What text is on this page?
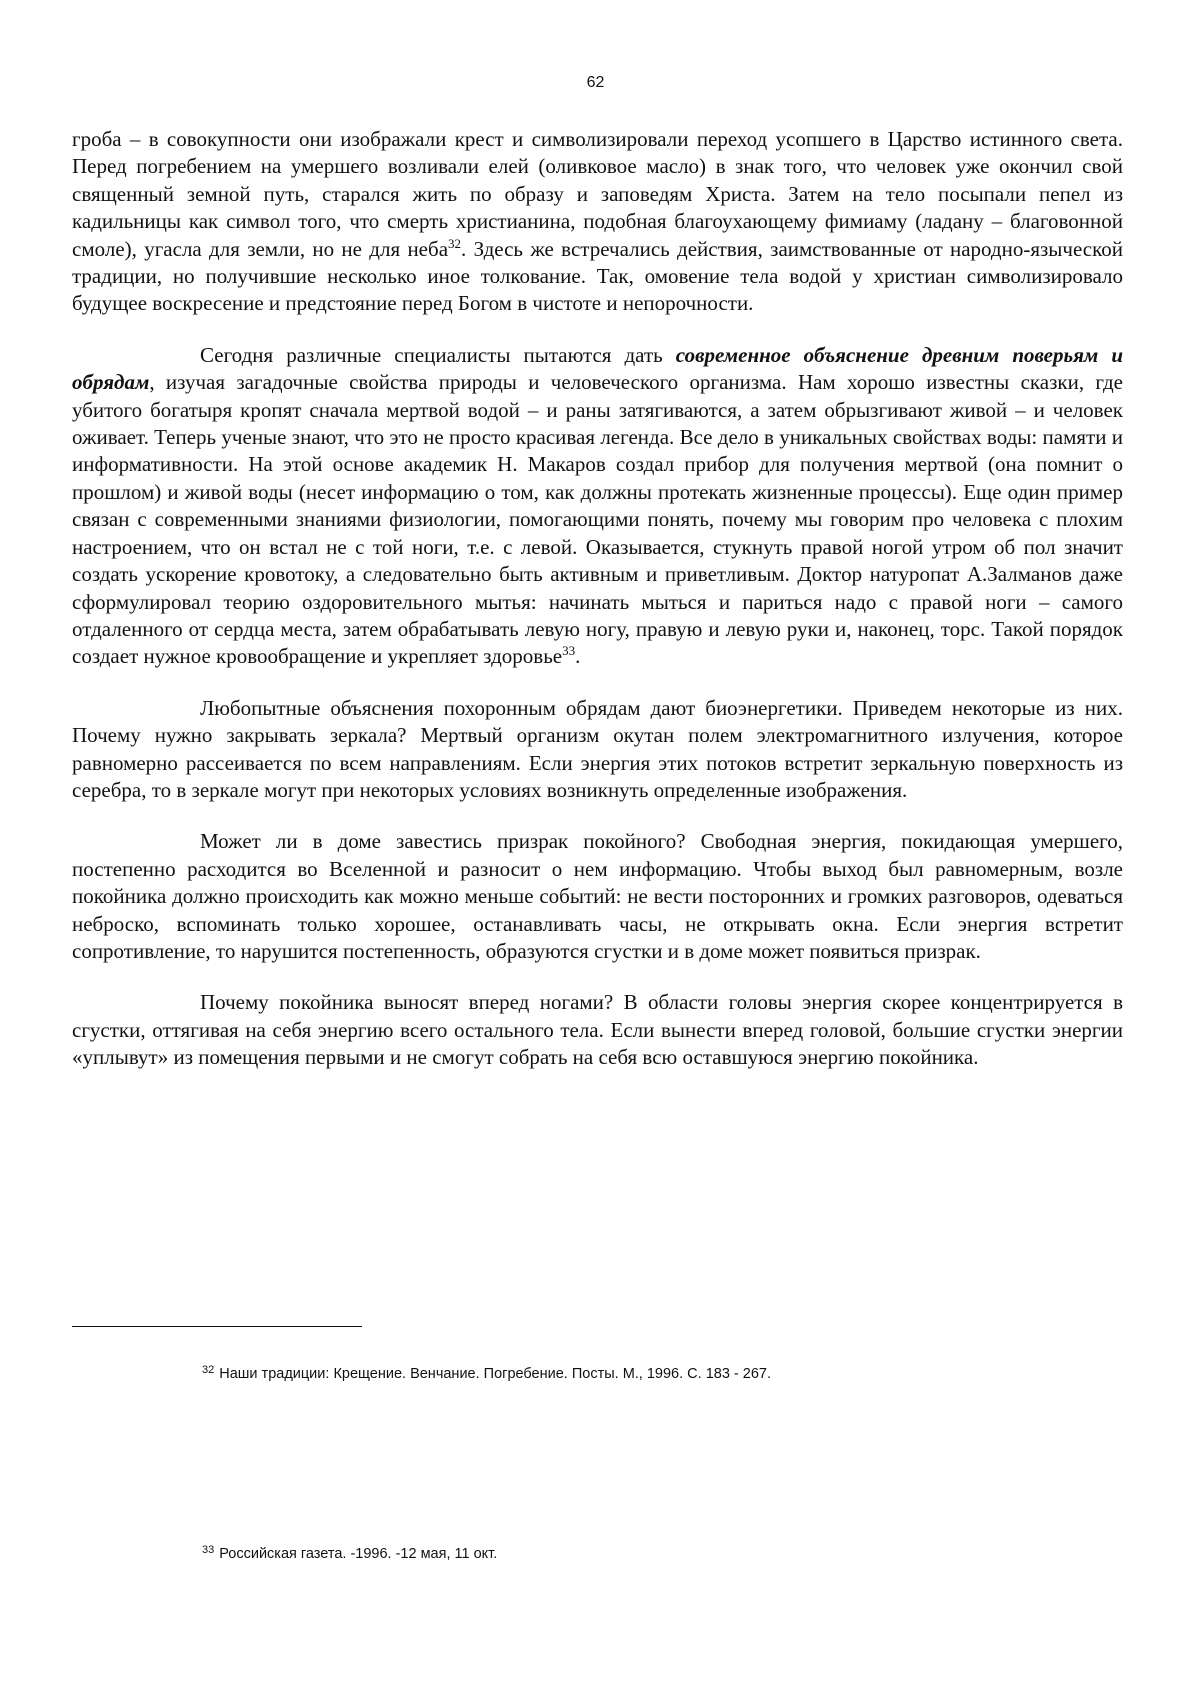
62

гроба – в совокупности они изображали крест и символизировали переход усопшего в Царство истинного света. Перед погребением на умершего возливали елей (оливковое масло) в знак того, что человек уже окончил свой священный земной путь, старался жить по образу и заповедям Христа. Затем на тело посыпали пепел из кадильницы как символ того, что смерть христианина, подобная благоухающему фимиаму (ладану – благовонной смоле), угасла для земли, но не для неба$^{32}$. Здесь же встречались действия, заимствованные от народно-языческой традиции, но получившие несколько иное толкование. Так, омовение тела водой у христиан символизировало будущее воскресение и предстояние перед Богом в чистоте и непорочности.

Сегодня различные специалисты пытаются дать современное объяснение древним поверьям и обрядам, изучая загадочные свойства природы и человеческого организма. Нам хорошо известны сказки, где убитого богатыря кропят сначала мертвой водой – и раны затягиваются, а затем обрызгивают живой – и человек оживает. Теперь ученые знают, что это не просто красивая легенда. Все дело в уникальных свойствах воды: памяти и информативности. На этой основе академик Н. Макаров создал прибор для получения мертвой (она помнит о прошлом) и живой воды (несет информацию о том, как должны протекать жизненные процессы). Еще один пример связан с современными знаниями физиологии, помогающими понять, почему мы говорим про человека с плохим настроением, что он встал не с той ноги, т.е. с левой. Оказывается, стукнуть правой ногой утром об пол значит создать ускорение кровотоку, а следовательно быть активным и приветливым. Доктор натуропат А.Залманов даже сформулировал теорию оздоровительного мытья: начинать мыться и париться надо с правой ноги – самого отдаленного от сердца места, затем обрабатывать левую ногу, правую и левую руки и, наконец, торс. Такой порядок создает нужное кровообращение и укрепляет здоровье$^{33}$.

Любопытные объяснения похоронным обрядам дают биоэнергетики. Приведем некоторые из них. Почему нужно закрывать зеркала? Мертвый организм окутан полем электромагнитного излучения, которое равномерно рассеивается по всем направлениям. Если энергия этих потоков встретит зеркальную поверхность из серебра, то в зеркале могут при некоторых условиях возникнуть определенные изображения.

Может ли в доме завестись призрак покойного? Свободная энергия, покидающая умершего, постепенно расходится во Вселенной и разносит о нем информацию. Чтобы выход был равномерным, возле покойника должно происходить как можно меньше событий: не вести посторонних и громких разговоров, одеваться неброско, вспоминать только хорошее, останавливать часы, не открывать окна. Если энергия встретит сопротивление, то нарушится постепенность, образуются сгустки и в доме может появиться призрак.

Почему покойника выносят вперед ногами? В области головы энергия скорее концентрируется в сгустки, оттягивая на себя энергию всего остального тела. Если вынести вперед головой, большие сгустки энергии «уплывут» из помещения первыми и не смогут собрать на себя всю оставшуюся энергию покойника.

$^{32}$ Наши традиции: Крещение. Венчание. Погребение. Посты. М., 1996. С. 183 - 267.
$^{33}$ Российская газета. -1996. -12 мая, 11 окт.
